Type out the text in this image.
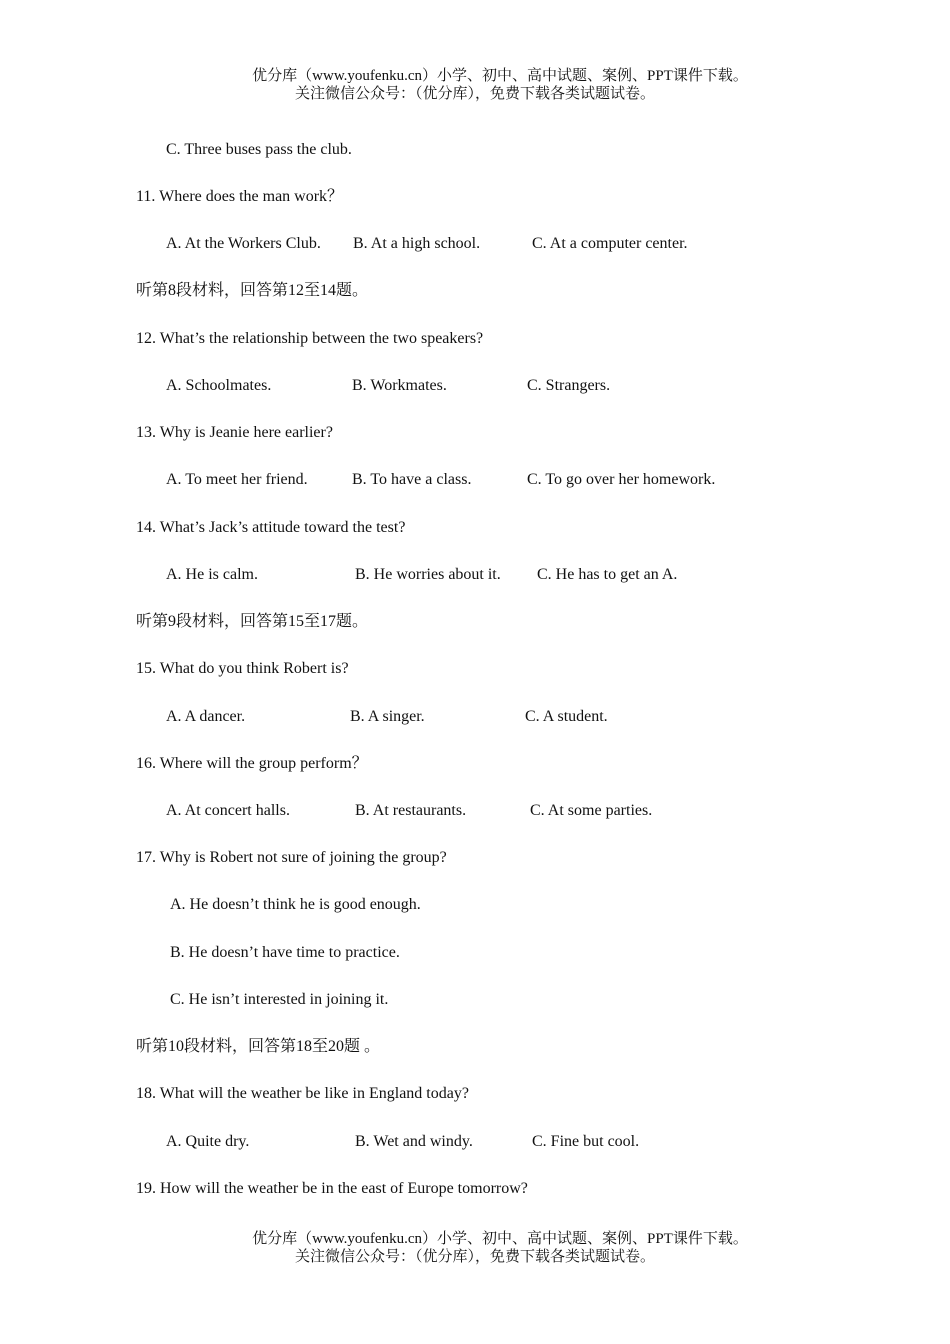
优分库（www.youfenku.cn）小学、初中、高中试题、案例、PPT课件下载。
关注微信公众号：（优分库），免费下载各类试题试卷。
C. Three buses pass the club.
11. Where does the man work？
A. At the Workers Club. B. At a high school.	C. At a computer center.
听第8段材料，回答第12至14题。
12. What’s the relationship between the two speakers?
A. Schoolmates.	B. Workmates.	C. Strangers.
13. Why is Jeanie here earlier?
A. To meet her friend.	B. To have a class.	C. To go over her homework.
14. What’s Jack’s attitude toward the test?
A. He is calm.	B. He worries about it. C. He has to get an A.
听第9段材料，回答第15至17题。
15. What do you think Robert is?
A. A dancer.	B. A singer.	C. A student.
16. Where will the group perform？
A. At concert halls.	B. At restaurants.	C. At some parties.
17. Why is Robert not sure of joining the group?
A. He doesn’t think he is good enough.
B. He doesn’t have time to practice.
C. He isn’t interested in joining it.
听第10段材料，回答第18至20题 。
18. What will the weather be like in England today?
A. Quite dry.	B. Wet and windy.	C. Fine but cool.
19. How will the weather be in the east of Europe tomorrow?
优分库（www.youfenku.cn）小学、初中、高中试题、案例、PPT课件下载。
关注微信公众号：（优分库），免费下载各类试题试卷。
